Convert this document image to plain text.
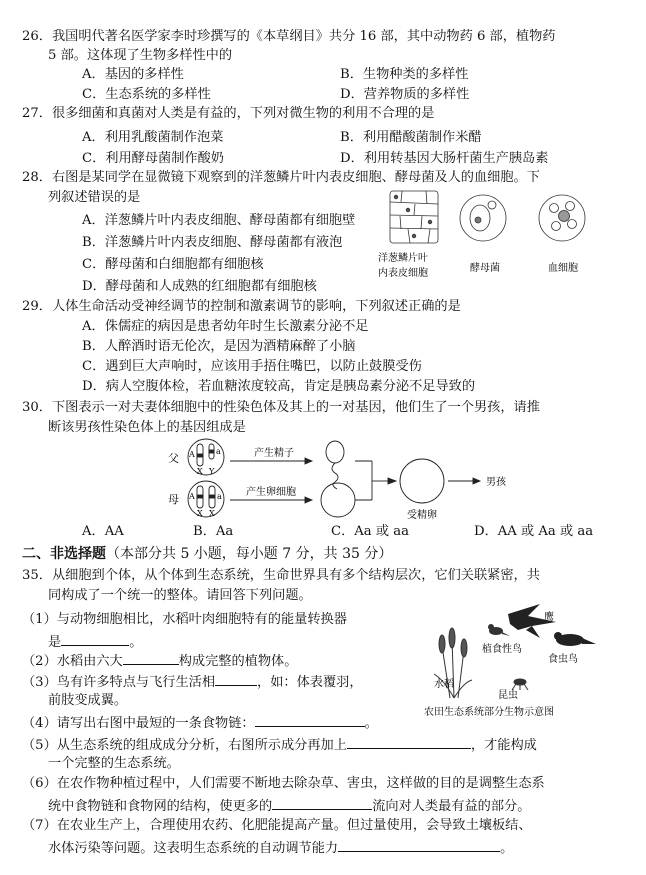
26．我国明代著名医学家李时珍撰写的《本草纲目》共分 16 部，其中动物药 6 部，植物药
5 部。这体现了生物多样性中的
A．基因的多样性	B．生物种类的多样性
C．生态系统的多样性	D．营养物质的多样性
27．很多细菌和真菌对人类是有益的，下列对微生物的利用不合理的是
A．利用乳酸菌制作泡菜	B．利用醋酸菌制作米醋
C．利用酵母菌制作酸奶	D．利用转基因大肠杆菌生产胰岛素
28．右图是某同学在显微镜下观察到的洋葱鳞片叶内表皮细胞、酵母菌及人的血细胞。下
列叙述错误的是
A．洋葱鳞片叶内表皮细胞、酵母菌都有细胞壁
B．洋葱鳞片叶内表皮细胞、酵母菌都有液泡
C．酵母菌和白细胞都有细胞核
D．酵母菌和人成熟的红细胞都有细胞核
洋葱鳞片叶
内表皮细胞	酵母菌	血细胞
29．人体生命活动受神经调节的控制和激素调节的影响，下列叙述正确的是
A．侏儒症的病因是患者幼年时生长激素分泌不足
B．人醉酒时语无伦次，是因为酒精麻醉了小脑
C．遇到巨大声响时，应该用手捂住嘴巴，以防止鼓膜受伤
D．病人空腹体检，若血糖浓度较高，肯定是胰岛素分泌不足导致的
30．下图表示一对夫妻体细胞中的性染色体及其上的一对基因，他们生了一个男孩，请推
断该男孩性染色体上的基因组成是
父
母
A	a
X Y
A	a
X X
产生精子
产生卵细胞
受精卵
男孩
A．AA	B．Aa	C．Aa 或 aa	D．AA 或 Aa 或 aa
二、非选择题（本部分共 5 小题，每小题 7 分，共 35 分）
35．从细胞到个体，从个体到生态系统，生命世界具有多个结构层次，它们关联紧密，共
同构成了一个统一的整体。请回答下列问题。
（1）与动物细胞相比，水稻叶肉细胞特有的能量转换器
是	。
（2）水稻由六大	构成完整的植物体。
（3）鸟有许多特点与飞行生活相	，如：体表覆羽，
前肢变成翼。
（4）请写出右图中最短的一条食物链：	。
（5）从生态系统的组成成分分析，右图所示成分再加上	，才能构成
一个完整的生态系统。
（6）在农作物种植过程中，人们需要不断地去除杂草、害虫，这样做的目的是调整生态系
统中食物链和食物网的结构，使更多的	流向对人类最有益的部分。
（7）在农业生产上，合理使用农药、化肥能提高产量。但过量使用，会导致土壤板结、
水体污染等问题。这表明生态系统的自动调节能力	。
鹰
植食性鸟
食虫鸟
水稻
昆虫
农田生态系统部分生物示意图
